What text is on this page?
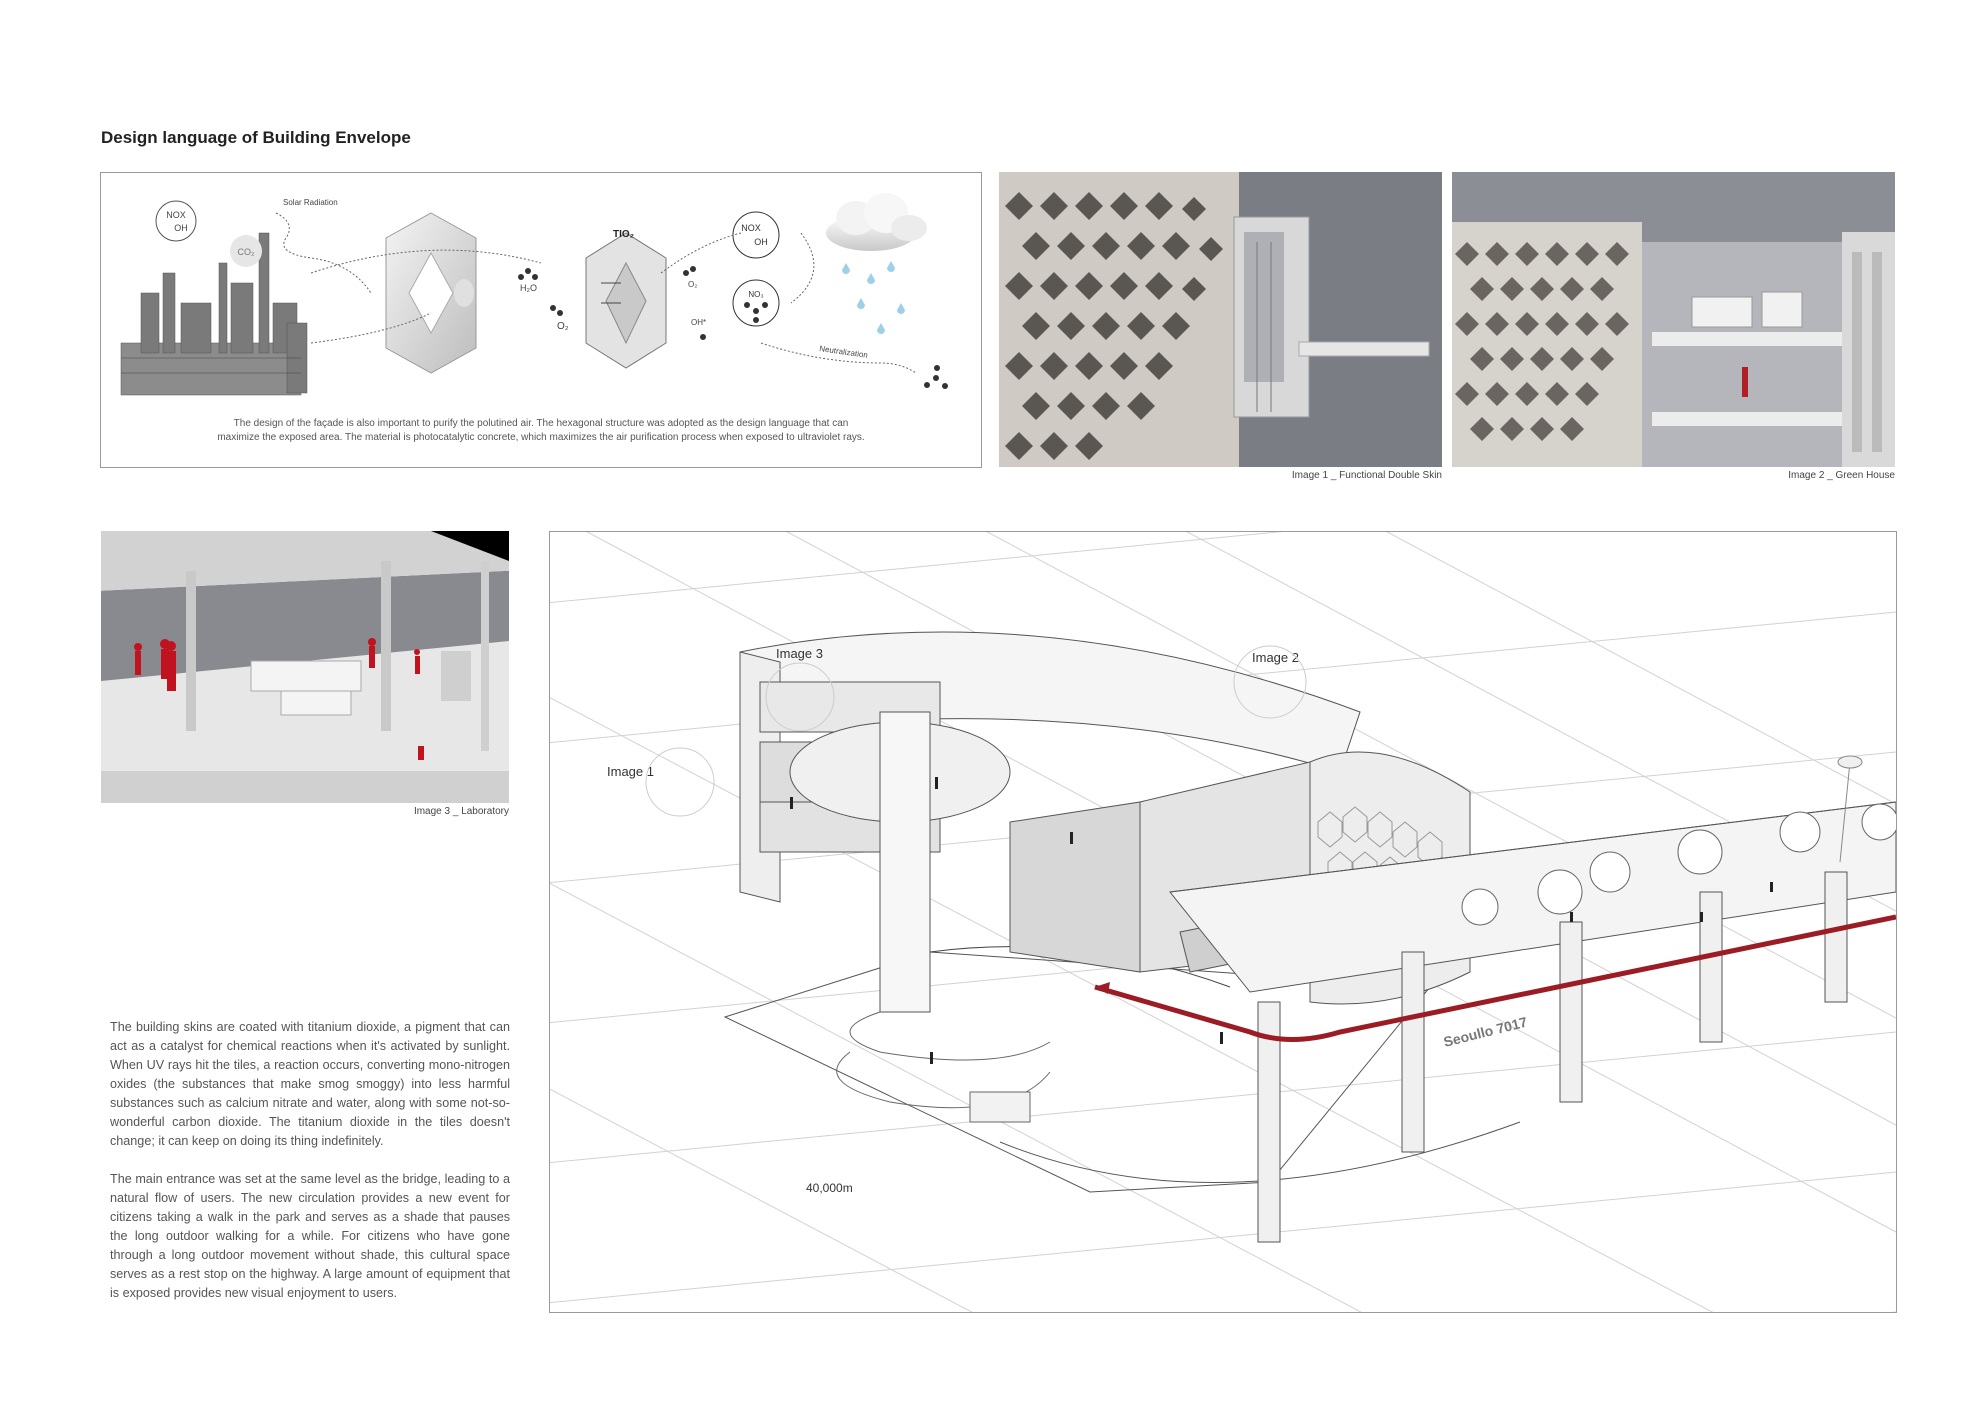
Design language of Building Envelope
NOX
OH
CO₂
Solar Radiation
H₂O
O₂
TIO₂
O₂
OH*
NOX
OH
NO₃
Neutralization
The design of the façade is also important to purify the polutined air. The hexagonal structure was adopted as the design language that can
maximize the exposed area. The material is photocatalytic concrete, which maximizes the air purification process when exposed to ultraviolet rays.
Image 1 _ Functional Double Skin	Image 2 _ Green House
Image 3 _ Laboratory
Image 3	Image 2
Image 1
Seoullo 7017
40,000m
The building skins are coated with titanium dioxide, a pigment that can act as a catalyst for chemical reactions when it's activated by sunlight. When UV rays hit the tiles, a reaction occurs, converting mono-nitrogen oxides (the substances that make smog smoggy) into less harmful substances such as calcium nitrate and water, along with some not-so-wonderful carbon dioxide. The titanium dioxide in the tiles doesn't change; it can keep on doing its thing indefinitely.
The main entrance was set at the same level as the bridge, leading to a natural flow of users. The new circulation provides a new event for citizens taking a walk in the park and serves as a shade that pauses the long outdoor walking for a while. For citizens who have gone through a long outdoor movement without shade, this cultural space serves as a rest stop on the highway. A large amount of equipment that is exposed provides new visual enjoyment to users.
